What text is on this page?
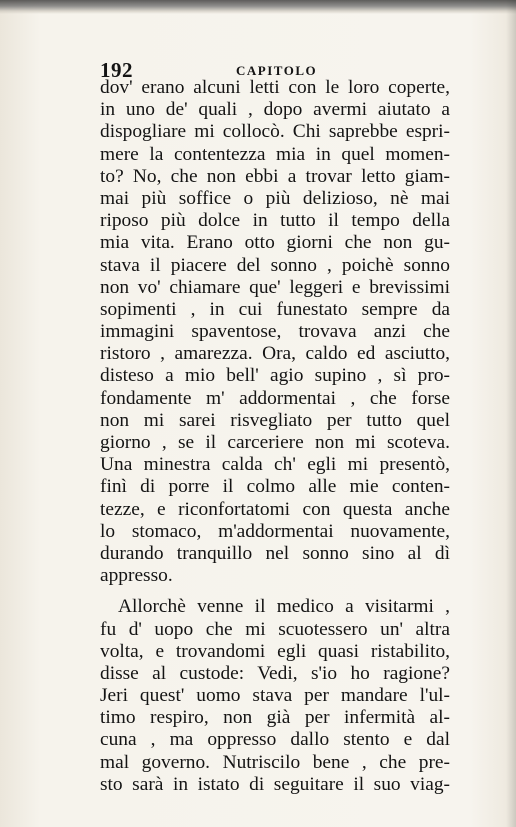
192	CAPITOLO
dov' erano alcuni letti con le loro coperte,
in uno de' quali , dopo avermi aiutato a
dispogliare mi collocò. Chi saprebbe espri-
mere la contentezza mia in quel momen-
to? No, che non ebbi a trovar letto giam-
mai più soffice o più delizioso, nè mai
riposo più dolce in tutto il tempo della
mia vita. Erano otto giorni che non gu-
stava il piacere del sonno , poichè sonno
non vo' chiamare que' leggeri e brevissimi
sopimenti , in cui funestato sempre da
immagini spaventose, trovava anzi che
ristoro , amarezza. Ora, caldo ed asciutto,
disteso a mio bell' agio supino , sì pro-
fondamente m' addormentai , che forse
non mi sarei risvegliato per tutto quel
giorno , se il carceriere non mi scoteva.
Una minestra calda ch' egli mi presentò,
finì di porre il colmo alle mie conten-
tezze, e riconfortatomi con questa anche
lo stomaco, m'addormentai nuovamente,
durando tranquillo nel sonno sino al dì
appresso.
Allorchè venne il medico a visitarmi ,
fu d' uopo che mi scuotessero un' altra
volta, e trovandomi egli quasi ristabilito,
disse al custode: Vedi, s'io ho ragione?
Jeri quest' uomo stava per mandare l'ul-
timo respiro, non già per infermità al-
cuna , ma oppresso dallo stento e dal
mal governo. Nutriscilo bene , che pre-
sto sarà in istato di seguitare il suo viag-
